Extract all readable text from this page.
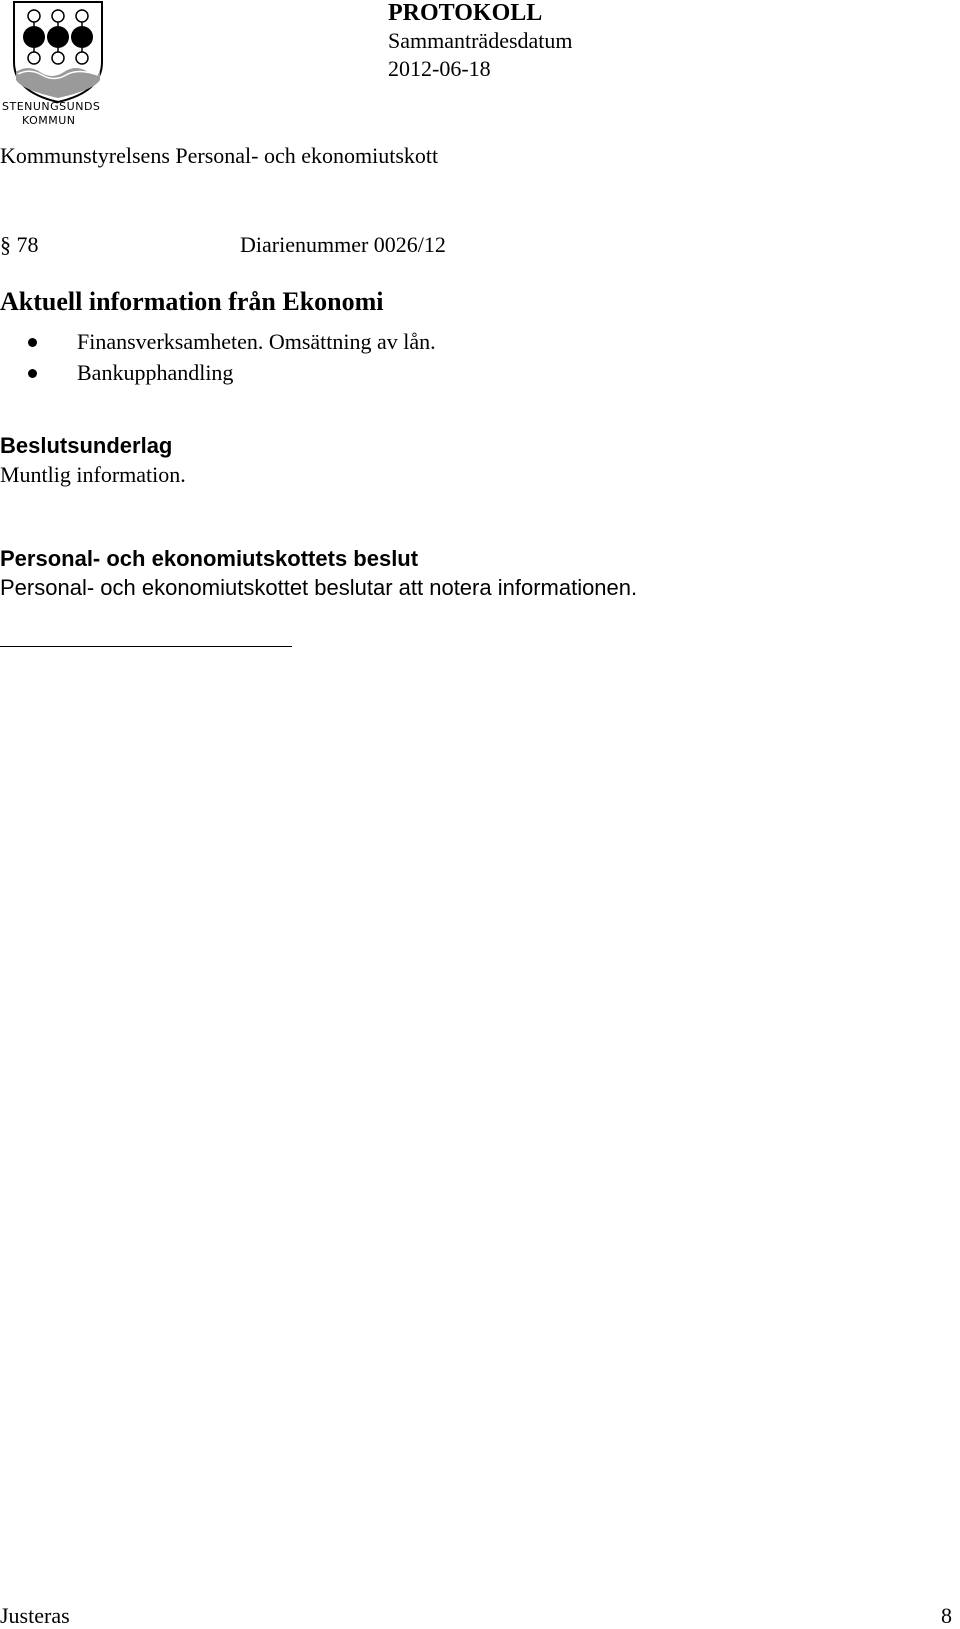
STENUNGSUNDS
KOMMUN
PROTOKOLL
Sammanträdesdatum
2012-06-18
Kommunstyrelsens Personal- och ekonomiutskott
§ 78	Diarienummer 0026/12
Aktuell information från Ekonomi
Finansverksamheten. Omsättning av lån.
Bankupphandling
Beslutsunderlag
Muntlig information.
Personal- och ekonomiutskottets beslut
Personal- och ekonomiutskottet beslutar att notera informationen.
Justeras	8
